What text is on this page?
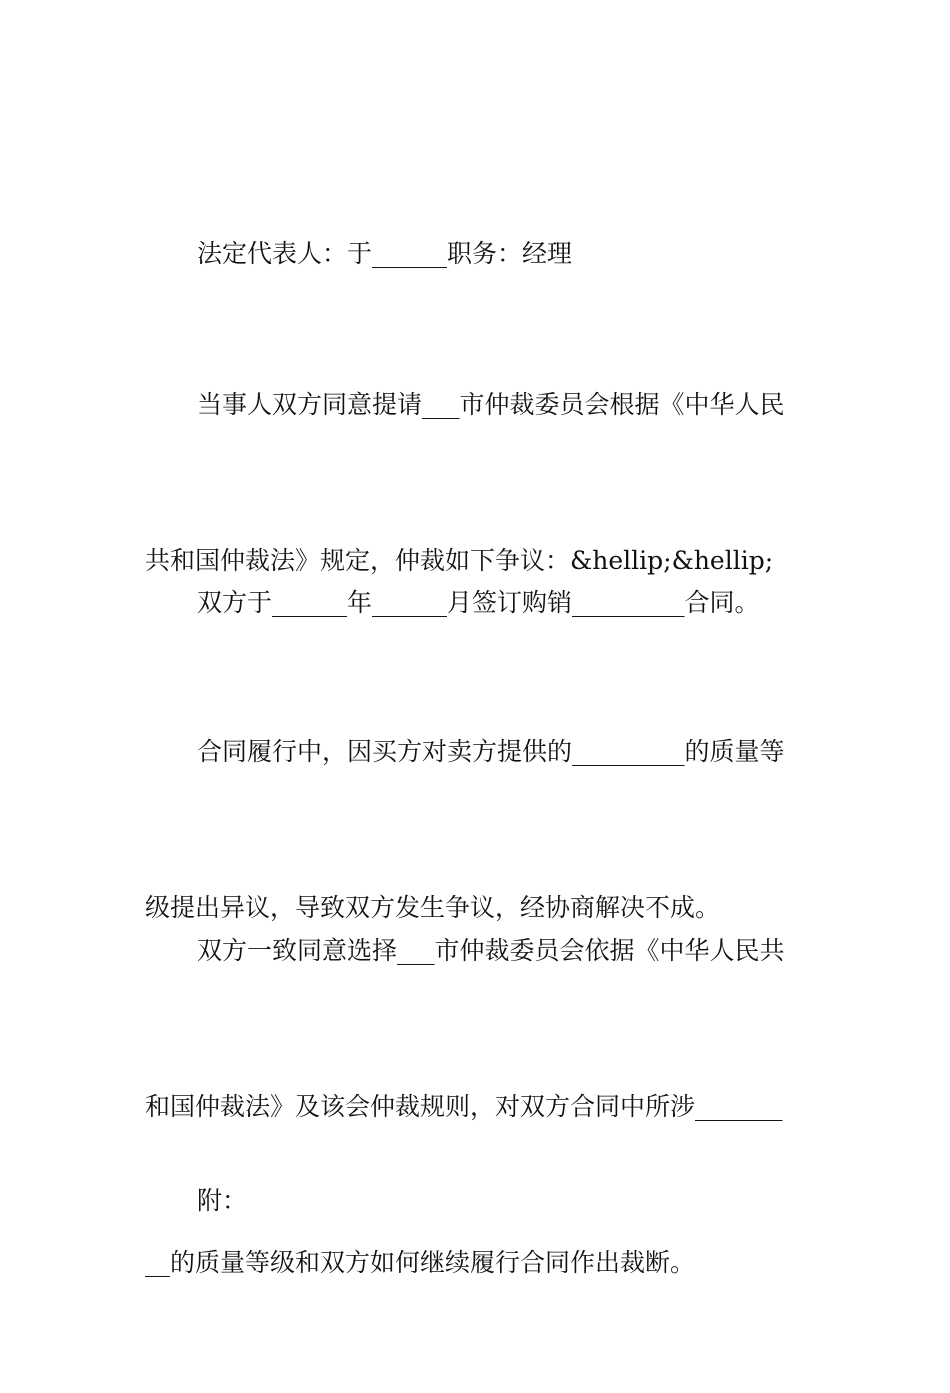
法定代表人：于______职务：经理

当事人双方同意提请___市仲裁委员会根据《中华人民

共和国仲裁法》规定，仲裁如下争议：&hellip;&hellip;

双方于______年______月签订购销_________合同。

合同履行中，因买方对卖方提供的_________的质量等

级提出异议，导致双方发生争议，经协商解决不成。

双方一致同意选择___市仲裁委员会依据《中华人民共

和国仲裁法》及该会仲裁规则，对双方合同中所涉_______

__的质量等级和双方如何继续履行合同作出裁断。

附：
